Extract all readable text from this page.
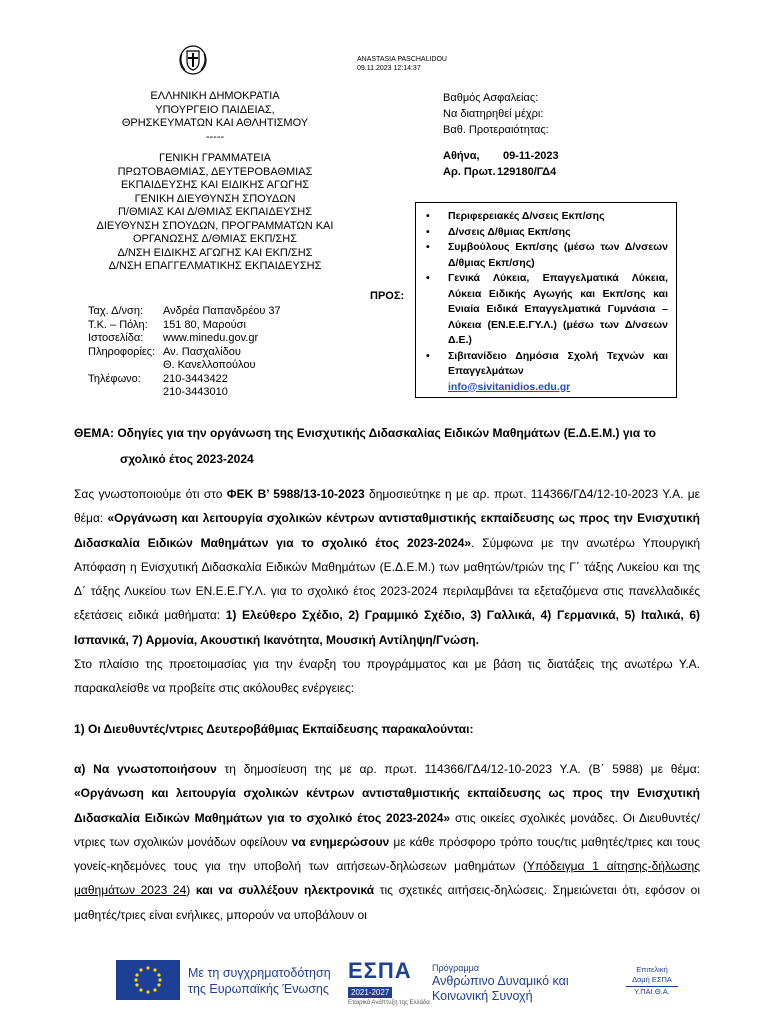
ANASTASIA PASCHALIDOU
09.11.2023 12:14:37
ΕΛΛΗΝΙΚΗ ΔΗΜΟΚΡΑΤΙΑ
ΥΠΟΥΡΓΕΙΟ ΠΑΙΔΕΙΑΣ,
ΘΡΗΣΚΕΥΜΑΤΩΝ ΚΑΙ ΑΘΛΗΤΙΣΜΟΥ
-----
ΓΕΝΙΚΗ ΓΡΑΜΜΑΤΕΙΑ
ΠΡΩΤΟΒΑΘΜΙΑΣ, ΔΕΥΤΕΡΟΒΑΘΜΙΑΣ
ΕΚΠΑΙΔΕΥΣΗΣ ΚΑΙ ΕΙΔΙΚΗΣ ΑΓΩΓΗΣ
ΓΕΝΙΚΗ ΔΙΕΥΘΥΝΣΗ ΣΠΟΥΔΩΝ
Π/ΘΜΙΑΣ ΚΑΙ Δ/ΘΜΙΑΣ ΕΚΠΑΙΔΕΥΣΗΣ
ΔΙΕΥΘΥΝΣΗ ΣΠΟΥΔΩΝ, ΠΡΟΓΡΑΜΜΑΤΩΝ ΚΑΙ
ΟΡΓΑΝΩΣΗΣ Δ/ΘΜΙΑΣ ΕΚΠ/ΣΗΣ
Δ/ΝΣΗ ΕΙΔΙΚΗΣ ΑΓΩΓΗΣ ΚΑΙ ΕΚΠ/ΣΗΣ
Δ/ΝΣΗ ΕΠΑΓΓΕΛΜΑΤΙΚΗΣ ΕΚΠΑΙΔΕΥΣΗΣ
Βαθμός Ασφαλείας:
Να διατηρηθεί μέχρι:
Βαθ. Προτεραιότητας:
Αθήνα, 09-11-2023
Αρ. Πρωτ.129180/ΓΔ4
Ταχ. Δ/νση:	Ανδρέα Παπανδρέου 37
Τ.Κ. – Πόλη:	151 80, Μαρούσι
Ιστοσελίδα:	www.minedu.gov.gr
Πληροφορίες: Αν. Πασχαλίδου
Θ. Κανελλοπούλου
Τηλέφωνο:	210-3443422
210-3443010
ΠΡΟΣ:
•	Περιφερειακές Δ/νσεις Εκπ/σης
•	Δ/νσεις Δ/θμιας Εκπ/σης
•	Συμβούλους Εκπ/σης (μέσω των Δ/νσεων Δ/θμιας Εκπ/σης)
•	Γενικά Λύκεια, Επαγγελματικά Λύκεια, Λύκεια Ειδικής Αγωγής και Εκπ/σης και Ενιαία Ειδικά Επαγγελματικά Γυμνάσια – Λύκεια (ΕΝ.Ε.Ε.ΓΥ.Λ.) (μέσω των Δ/νσεων Δ.Ε.)
•	Σιβιτανίδειο Δημόσια Σχολή Τεχνών και Επαγγελμάτων
info@sivitanidios.edu.gr
ΘΕΜΑ: Οδηγίες για την οργάνωση της Ενισχυτικής Διδασκαλίας Ειδικών Μαθημάτων (Ε.Δ.Ε.Μ.) για το
σχολικό έτος 2023-2024

Σας γνωστοποιούμε ότι στο ΦΕΚ Β’ 5988/13-10-2023 δημοσιεύτηκε η με αρ. πρωτ. 114366/ΓΔ4/12-10-2023 Υ.Α. με θέμα: «Οργάνωση και λειτουργία σχολικών κέντρων αντισταθμιστικής εκπαίδευσης ως προς την Ενισχυτική Διδασκαλία Ειδικών Μαθημάτων για το σχολικό έτος 2023-2024». Σύμφωνα με την ανωτέρω Υπουργική Απόφαση η Ενισχυτική Διδασκαλία Ειδικών Μαθημάτων (Ε.Δ.Ε.Μ.) των μαθητών/τριών της Γ΄ τάξης Λυκείου και της Δ΄ τάξης Λυκείου των ΕΝ.Ε.Ε.ΓΥ.Λ. για το σχολικό έτος 2023-2024 περιλαμβάνει τα εξεταζόμενα στις πανελλαδικές εξετάσεις ειδικά μαθήματα: 1) Ελεύθερο Σχέδιο, 2) Γραμμικό Σχέδιο, 3) Γαλλικά, 4) Γερμανικά, 5) Ιταλικά, 6) Ισπανικά, 7) Αρμονία, Ακουστική Ικανότητα, Μουσική Αντίληψη/Γνώση.

Στο πλαίσιο της προετοιμασίας για την έναρξη του προγράμματος και με βάση τις διατάξεις της ανωτέρω Υ.Α. παρακαλείσθε να προβείτε στις ακόλουθες ενέργειες:

1) Οι Διευθυντές/ντριες Δευτεροβάθμιας Εκπαίδευσης παρακαλούνται:

α) Να γνωστοποιήσουν τη δημοσίευση της με αρ. πρωτ. 114366/ΓΔ4/12-10-2023 Υ.Α. (Β΄ 5988) με θέμα: «Οργάνωση και λειτουργία σχολικών κέντρων αντισταθμιστικής εκπαίδευσης ως προς την Ενισχυτική Διδασκαλία Ειδικών Μαθημάτων για το σχολικό έτος 2023-2024» στις οικείες σχολικές μονάδες. Οι Διευθυντές/ντριες των σχολικών μονάδων οφείλουν να ενημερώσουν με κάθε πρόσφορο τρόπο τους/τις μαθητές/τριες και τους γονείς-κηδεμόνες τους για την υποβολή των αιτήσεων-δηλώσεων μαθημάτων (Υπόδειγμα 1 αίτησης-δήλωσης μαθημάτων 2023 24) και να συλλέξουν ηλεκτρονικά τις σχετικές αιτήσεις-δηλώσεις. Σημειώνεται ότι, εφόσον οι μαθητές/τριες είναι ενήλικες, μπορούν να υποβάλουν οι

Με τη συγχρηματοδότηση
της Ευρωπαϊκής Ένωσης
ΕΣΠΑ
2021-2027
Εταιρικό Ανάπτυξη της Ελλάδα
Πρόγραμμα
Ανθρώπινο Δυναμικό και
Κοινωνική Συνοχή
Επιτελική
Δομή ΕΣΠΑ
Υ.ΠΑΙ.Θ.Α.
